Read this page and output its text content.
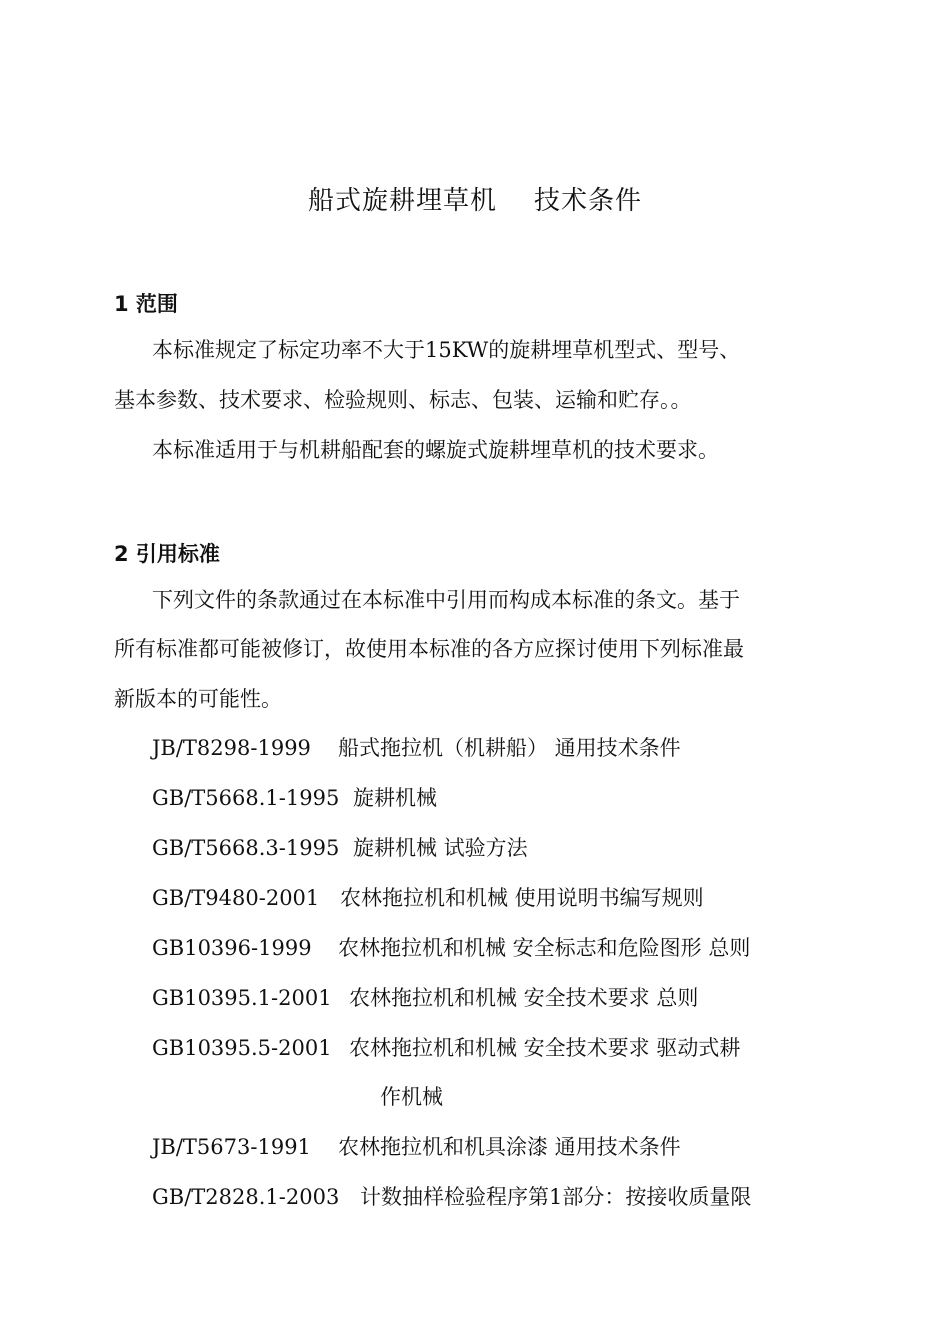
船式旋耕埋草机    技术条件
1 范围
本标准规定了标定功率不大于15KW的旋耕埋草机型式、型号、
基本参数、技术要求、检验规则、标志、包装、运输和贮存。。
本标准适用于与机耕船配套的螺旋式旋耕埋草机的技术要求。
2 引用标准
下列文件的条款通过在本标准中引用而构成本标准的条文。基于
所有标准都可能被修订，故使用本标准的各方应探讨使用下列标准最
新版本的可能性。
JB/T8298-1999 船式拖拉机（机耕船） 通用技术条件
GB/T5668.1-1995 旋耕机械
GB/T5668.3-1995 旋耕机械 试验方法
GB/T9480-2001 农林拖拉机和机械 使用说明书编写规则
GB10396-1999 农林拖拉机和机械 安全标志和危险图形 总则
GB10395.1-2001 农林拖拉机和机械 安全技术要求 总则
GB10395.5-2001 农林拖拉机和机械 安全技术要求 驱动式耕
作机械
JB/T5673-1991 农林拖拉机和机具涂漆 通用技术条件
GB/T2828.1-2003 计数抽样检验程序第1部分：按接收质量限
